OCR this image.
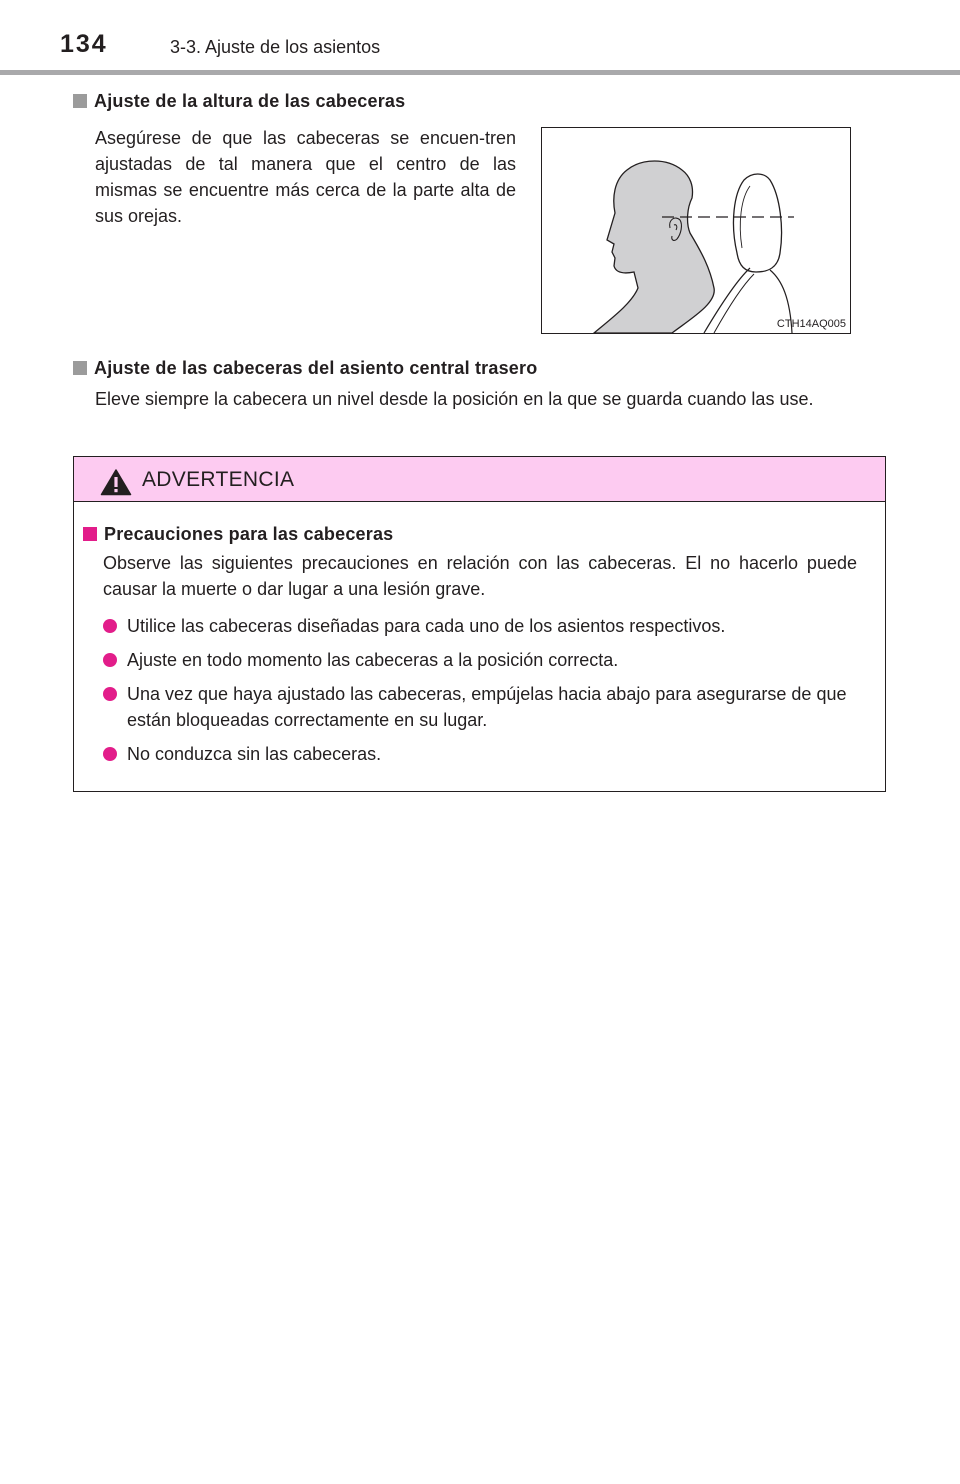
134	3-3. Ajuste de los asientos
Ajuste de la altura de las cabeceras
Asegúrese de que las cabeceras se encuen-tren ajustadas de tal manera que el centro de las mismas se encuentre más cerca de la parte alta de sus orejas.
CTH14AQ005
Ajuste de las cabeceras del asiento central trasero
Eleve siempre la cabecera un nivel desde la posición en la que se guarda cuando las use.
ADVERTENCIA
Precauciones para las cabeceras
Observe las siguientes precauciones en relación con las cabeceras. El no hacerlo puede causar la muerte o dar lugar a una lesión grave.
Utilice las cabeceras diseñadas para cada uno de los asientos respectivos.
Ajuste en todo momento las cabeceras a la posición correcta.
Una vez que haya ajustado las cabeceras, empújelas hacia abajo para asegurarse de que están bloqueadas correctamente en su lugar.
No conduzca sin las cabeceras.
